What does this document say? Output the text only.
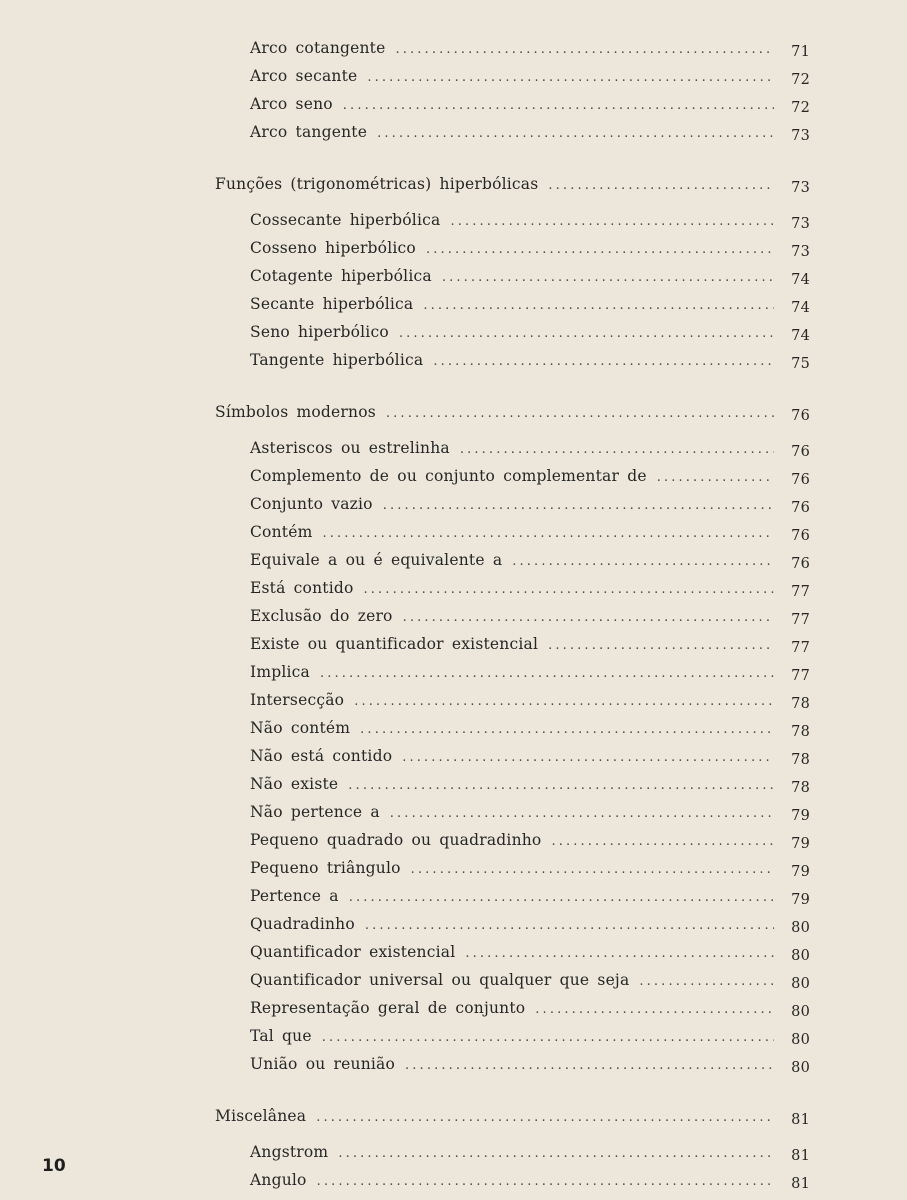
Arco cotangente . . .	71
Arco secante . . .	72
Arco seno . . .	72
Arco tangente . . .	73
Funções (trigonométricas) hiperbólicas . . .	73
Cossecante hiperbólica . . .	73
Cosseno hiperbólico . . .	73
Cotagente hiperbólica . . .	74
Secante hiperbólica . . .	74
Seno hiperbólico . . .	74
Tangente hiperbólica . . .	75
Símbolos modernos . . .	76
Asteriscos ou estrelinha . . .	76
Complemento de ou conjunto complementar de . . .	76
Conjunto vazio . . .	76
Contém . . .	76
Equivale a ou é equivalente a . . .	76
Está contido . . .	77
Exclusão do zero . . .	77
Existe ou quantificador existencial . . .	77
Implica . . .	77
Intersecção . . .	78
Não contém . . .	78
Não está contido . . .	78
Não existe . . .	78
Não pertence a . . .	79
Pequeno quadrado ou quadradinho . . .	79
Pequeno triângulo . . .	79
Pertence a . . .	79
Quadradinho . . .	80
Quantificador existencial . . .	80
Quantificador universal ou qualquer que seja . . .	80
Representação geral de conjunto . . .	80
Tal que . . .	80
União ou reunião . . .	80
Miscelânea . . .	81
Angstrom . . .	81
Angulo . . .	81
10
